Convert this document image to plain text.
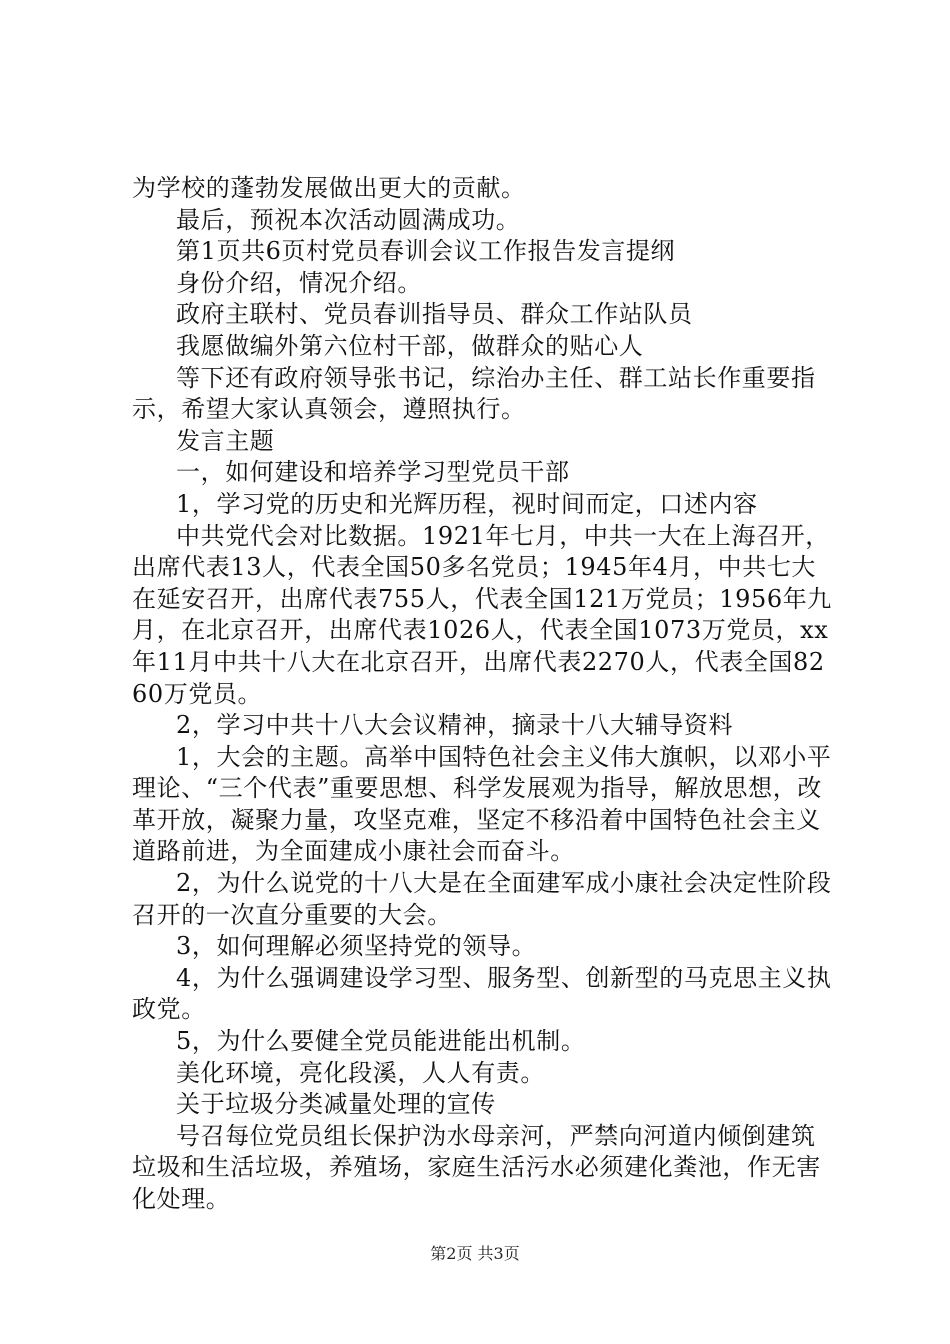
为学校的蓬勃发展做出更大的贡献。

最后，预祝本次活动圆满成功。

第1页共6页村党员春训会议工作报告发言提纲

身份介绍，情况介绍。

政府主联村、党员春训指导员、群众工作站队员

我愿做编外第六位村干部，做群众的贴心人

等下还有政府领导张书记，综治办主任、群工站长作重要指示，希望大家认真领会，遵照执行。

发言主题

一，如何建设和培养学习型党员干部

1，学习党的历史和光辉历程，视时间而定，口述内容

中共党代会对比数据。1921年七月，中共一大在上海召开，出席代表13人，代表全国50多名党员；1945年4月，中共七大在延安召开，出席代表755人，代表全国121万党员；1956年九月，在北京召开，出席代表1026人，代表全国1073万党员，xx年11月中共十八大在北京召开，出席代表2270人，代表全国8260万党员。

2，学习中共十八大会议精神，摘录十八大辅导资料

1，大会的主题。高举中国特色社会主义伟大旗帜，以邓小平理论、“三个代表”重要思想、科学发展观为指导，解放思想，改革开放，凝聚力量，攻坚克难，坚定不移沿着中国特色社会主义道路前进，为全面建成小康社会而奋斗。

2，为什么说党的十八大是在全面建军成小康社会决定性阶段召开的一次直分重要的大会。

3，如何理解必须坚持党的领导。

4，为什么强调建设学习型、服务型、创新型的马克思主义执政党。

5，为什么要健全党员能进能出机制。

美化环境，亮化段溪，人人有责。

关于垃圾分类减量处理的宣传

号召每位党员组长保护沩水母亲河，严禁向河道内倾倒建筑垃圾和生活垃圾，养殖场，家庭生活污水必须建化粪池，作无害化处理。

第2页 共3页
